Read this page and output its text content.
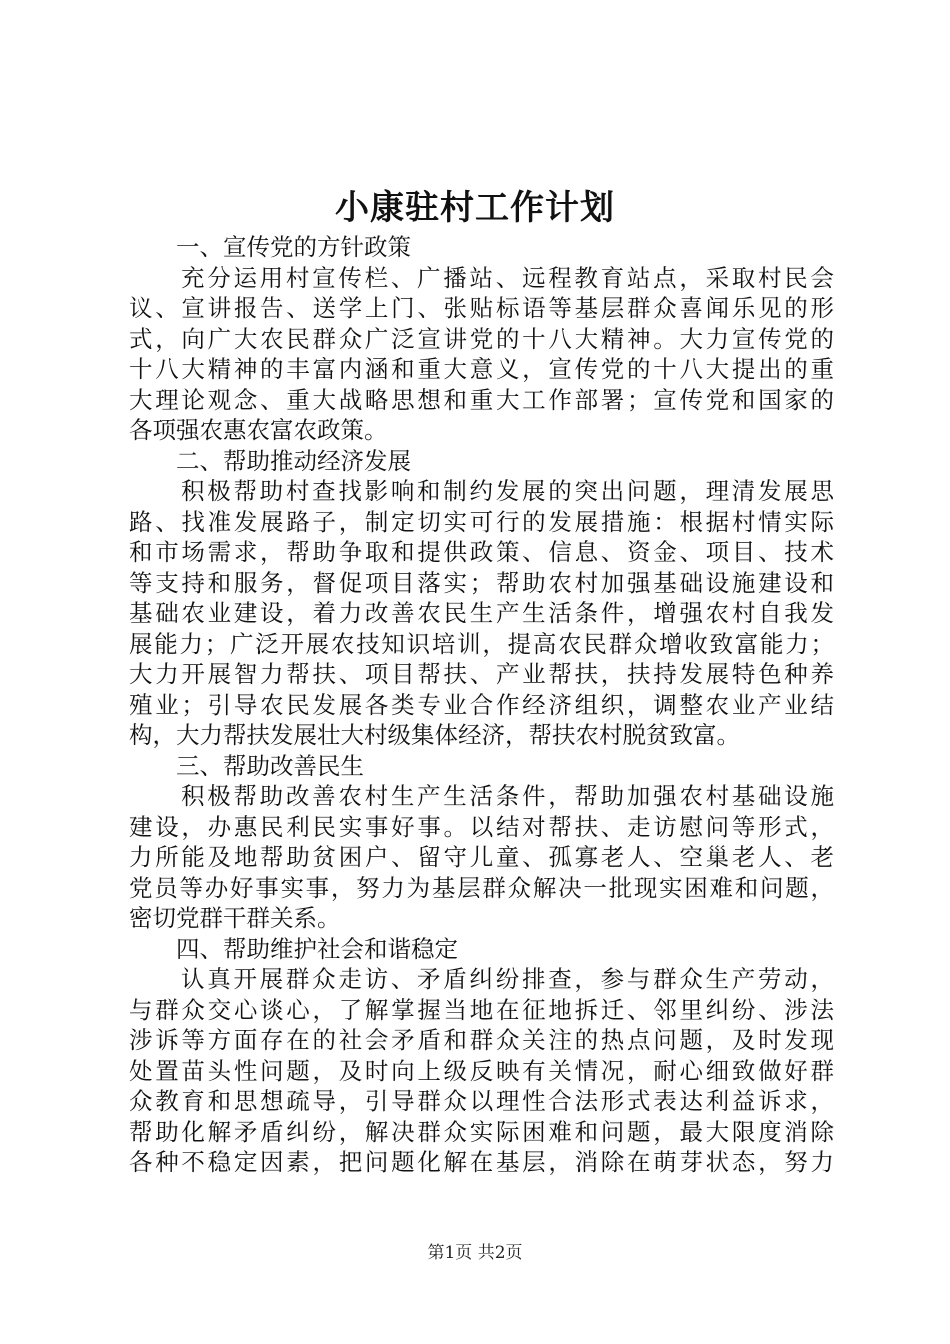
小康驻村工作计划
一、宣传党的方针政策
充分运用村宣传栏、广播站、远程教育站点，采取村民会
议、宣讲报告、送学上门、张贴标语等基层群众喜闻乐见的形
式，向广大农民群众广泛宣讲党的十八大精神。大力宣传党的
十八大精神的丰富内涵和重大意义，宣传党的十八大提出的重
大理论观念、重大战略思想和重大工作部署；宣传党和国家的
各项强农惠农富农政策。
二、帮助推动经济发展
积极帮助村查找影响和制约发展的突出问题，理清发展思
路、找准发展路子，制定切实可行的发展措施：根据村情实际
和市场需求，帮助争取和提供政策、信息、资金、项目、技术
等支持和服务，督促项目落实；帮助农村加强基础设施建设和
基础农业建设，着力改善农民生产生活条件，增强农村自我发
展能力；广泛开展农技知识培训，提高农民群众增收致富能力；
大力开展智力帮扶、项目帮扶、产业帮扶，扶持发展特色种养
殖业；引导农民发展各类专业合作经济组织，调整农业产业结
构，大力帮扶发展壮大村级集体经济，帮扶农村脱贫致富。
三、帮助改善民生
积极帮助改善农村生产生活条件，帮助加强农村基础设施
建设，办惠民利民实事好事。以结对帮扶、走访慰问等形式，
力所能及地帮助贫困户、留守儿童、孤寡老人、空巢老人、老
党员等办好事实事，努力为基层群众解决一批现实困难和问题，
密切党群干群关系。
四、帮助维护社会和谐稳定
认真开展群众走访、矛盾纠纷排查，参与群众生产劳动，
与群众交心谈心，了解掌握当地在征地拆迁、邻里纠纷、涉法
涉诉等方面存在的社会矛盾和群众关注的热点问题，及时发现
处置苗头性问题，及时向上级反映有关情况，耐心细致做好群
众教育和思想疏导，引导群众以理性合法形式表达利益诉求，
帮助化解矛盾纠纷，解决群众实际困难和问题，最大限度消除
各种不稳定因素，把问题化解在基层，消除在萌芽状态，努力
第1页 共2页
